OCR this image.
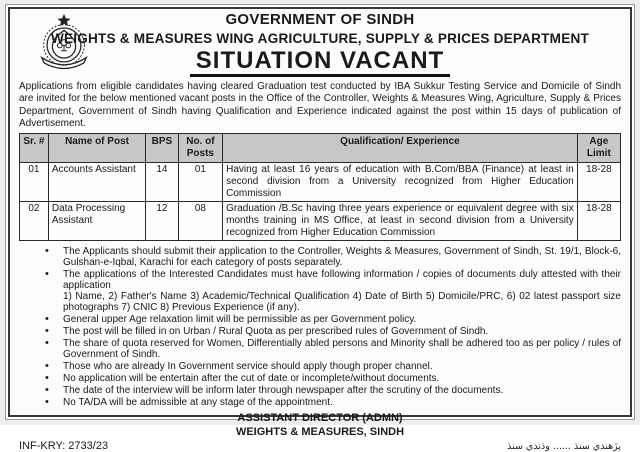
GOVERNMENT OF SINDH
WEIGHTS & MEASURES WING AGRICULTURE, SUPPLY & PRICES DEPARTMENT
SITUATION VACANT
Applications from eligible candidates having cleared Graduation test conducted by IBA Sukkur Testing Service and Domicile of Sindh are invited for the below mentioned vacant posts in the Office of the Controller, Weights & Measures Wing, Agriculture, Supply & Prices Department, Government of Sindh having Qualification and Experience indicated against the post within 15 days of publication of Advertisement.
Sr. #	Name of Post	BPS	No. of Posts	Qualification/ Experience	Age Limit
01	Accounts Assistant	14	01	Having at least 16 years of education with B.Com/BBA (Finance) at least in second division from a University recognized from Higher Education Commission	18-28
02	Data Processing Assistant	12	08	Graduation /B.Sc having three years experience or equivalent degree with six months training in MS Office, at least in second division from a University recognized from Higher Education Commission	18-28
• The Applicants should submit their application to the Controller, Weights & Measures, Government of Sindh, St. 19/1, Block-6, Gulshan-e-Iqbal, Karachi for each category of posts separately.
• The applications of the Interested Candidates must have following information / copies of documents duly attested with their application
1) Name, 2) Father's Name 3) Academic/Technical Qualification 4) Date of Birth 5) Domicile/PRC, 6) 02 latest passport size photographs 7) CNIC 8) Previous Experience (if any).
• General upper Age relaxation limit will be permissible as per Government policy.
• The post will be filled in on Urban / Rural Quota as per prescribed rules of Government of Sindh.
• The share of quota reserved for Women, Differentially abled persons and Minority shall be adhered too as per policy / rules of Government of Sindh.
• Those who are already In Government service should apply though proper channel.
• No application will be entertain after the cut of date or incomplete/without documents.
• The date of the interview will be inform later through newspaper after the scrutiny of the documents.
• No TA/DA will be admissible at any stage of the appointment.
ASSISTANT DIRECTOR (ADMN)
WEIGHTS & MEASURES, SINDH
INF-KRY: 2733/23	پڙهندي سنڌ ...... وڌندي سنڌ
